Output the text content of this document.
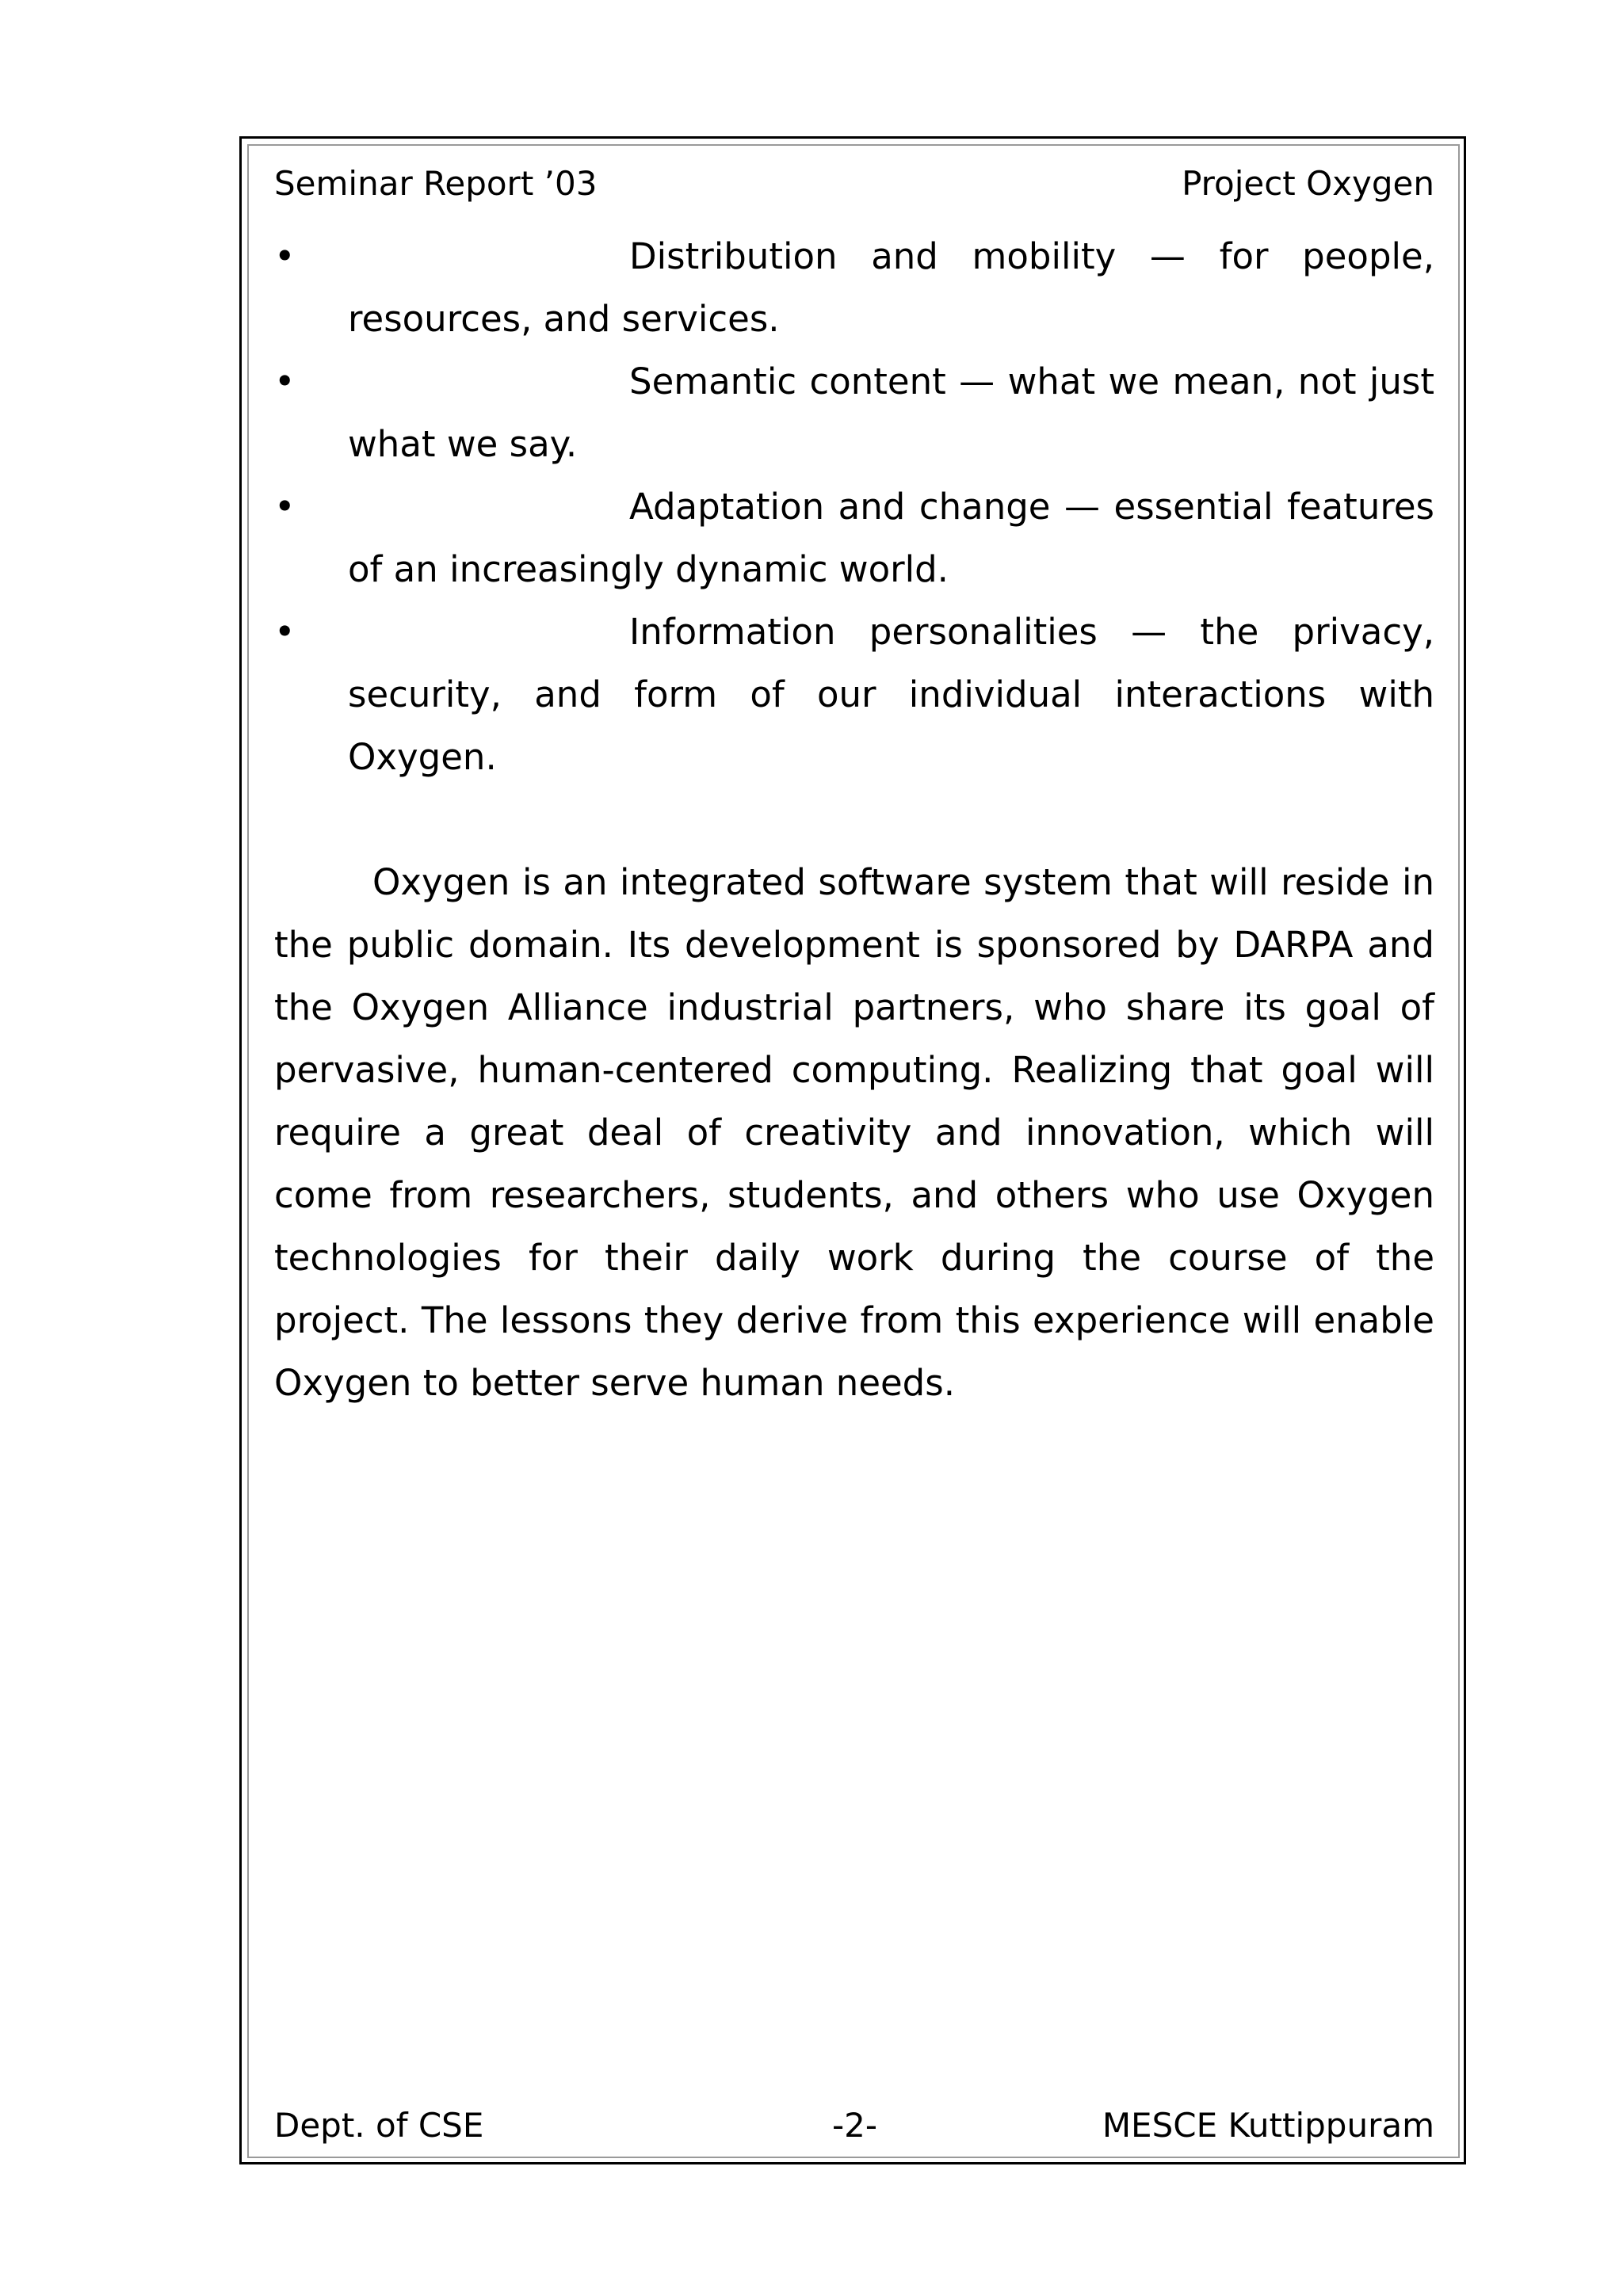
Seminar Report ’03	Project Oxygen
•	Distribution and mobility — for people, resources, and services.
•	Semantic content — what we mean, not just what we say.
•	Adaptation and change — essential features of an increasingly dynamic world.
•	Information personalities — the privacy, security, and form of our individual interactions with Oxygen.

Oxygen is an integrated software system that will reside in the public domain. Its development is sponsored by DARPA and the Oxygen Alliance industrial partners, who share its goal of pervasive, human-centered computing. Realizing that goal will require a great deal of creativity and innovation, which will come from researchers, students, and others who use Oxygen technologies for their daily work during the course of the project. The lessons they derive from this experience will enable Oxygen to better serve human needs.

Dept. of CSE	-2-	MESCE Kuttippuram
